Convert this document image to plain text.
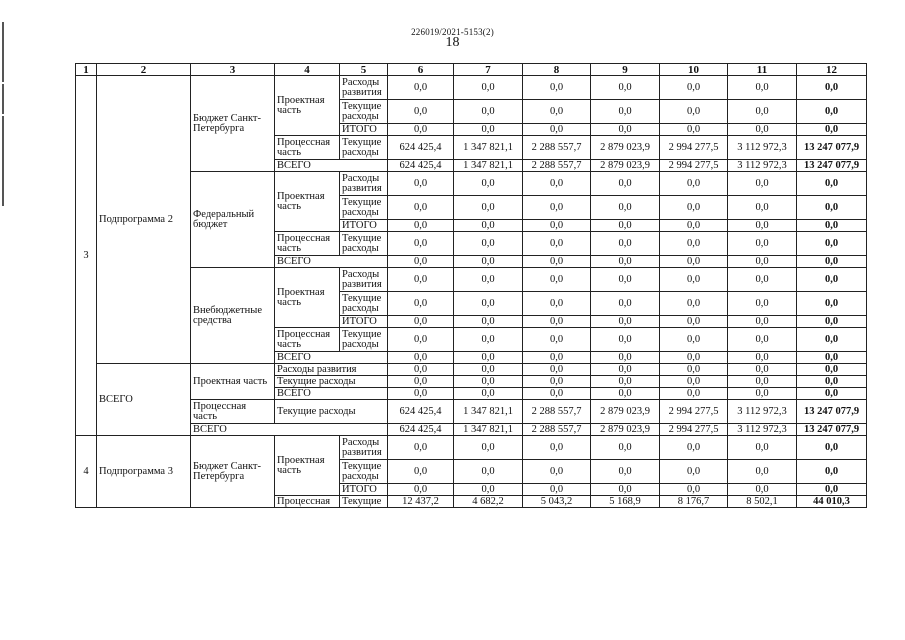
226019/2021-5153(2)
18
1	2	3	4	5	6	7	8	9	10	11	12
3	Подпрограмма 2	Бюджет Санкт-Петербурга	Проектная часть	Расходы развития	0,0	0,0	0,0	0,0	0,0	0,0	0,0
				Текущие расходы	0,0	0,0	0,0	0,0	0,0	0,0	0,0
				ИТОГО	0,0	0,0	0,0	0,0	0,0	0,0	0,0
			Процессная часть	Текущие расходы	624 425,4	1 347 821,1	2 288 557,7	2 879 023,9	2 994 277,5	3 112 972,3	13 247 077,9
			ВСЕГО		624 425,4	1 347 821,1	2 288 557,7	2 879 023,9	2 994 277,5	3 112 972,3	13 247 077,9
		Федеральный бюджет	Проектная часть	Расходы развития	0,0	0,0	0,0	0,0	0,0	0,0	0,0
				Текущие расходы	0,0	0,0	0,0	0,0	0,0	0,0	0,0
				ИТОГО	0,0	0,0	0,0	0,0	0,0	0,0	0,0
			Процессная часть	Текущие расходы	0,0	0,0	0,0	0,0	0,0	0,0	0,0
			ВСЕГО		0,0	0,0	0,0	0,0	0,0	0,0	0,0
		Внебюджетные средства	Проектная часть	Расходы развития	0,0	0,0	0,0	0,0	0,0	0,0	0,0
				Текущие расходы	0,0	0,0	0,0	0,0	0,0	0,0	0,0
				ИТОГО	0,0	0,0	0,0	0,0	0,0	0,0	0,0
			Процессная часть	Текущие расходы	0,0	0,0	0,0	0,0	0,0	0,0	0,0
			ВСЕГО		0,0	0,0	0,0	0,0	0,0	0,0	0,0
	ВСЕГО	Проектная часть	Расходы развития		0,0	0,0	0,0	0,0	0,0	0,0	0,0
			Текущие расходы		0,0	0,0	0,0	0,0	0,0	0,0	0,0
			ВСЕГО		0,0	0,0	0,0	0,0	0,0	0,0	0,0
		Процессная часть	Текущие расходы		624 425,4	1 347 821,1	2 288 557,7	2 879 023,9	2 994 277,5	3 112 972,3	13 247 077,9
		ВСЕГО			624 425,4	1 347 821,1	2 288 557,7	2 879 023,9	2 994 277,5	3 112 972,3	13 247 077,9
4	Подпрограмма 3	Бюджет Санкт-Петербурга	Проектная часть	Расходы развития	0,0	0,0	0,0	0,0	0,0	0,0	0,0
				Текущие расходы	0,0	0,0	0,0	0,0	0,0	0,0	0,0
				ИТОГО	0,0	0,0	0,0	0,0	0,0	0,0	0,0
			Процессная	Текущие	12 437,2	4 682,2	5 043,2	5 168,9	8 176,7	8 502,1	44 010,3
